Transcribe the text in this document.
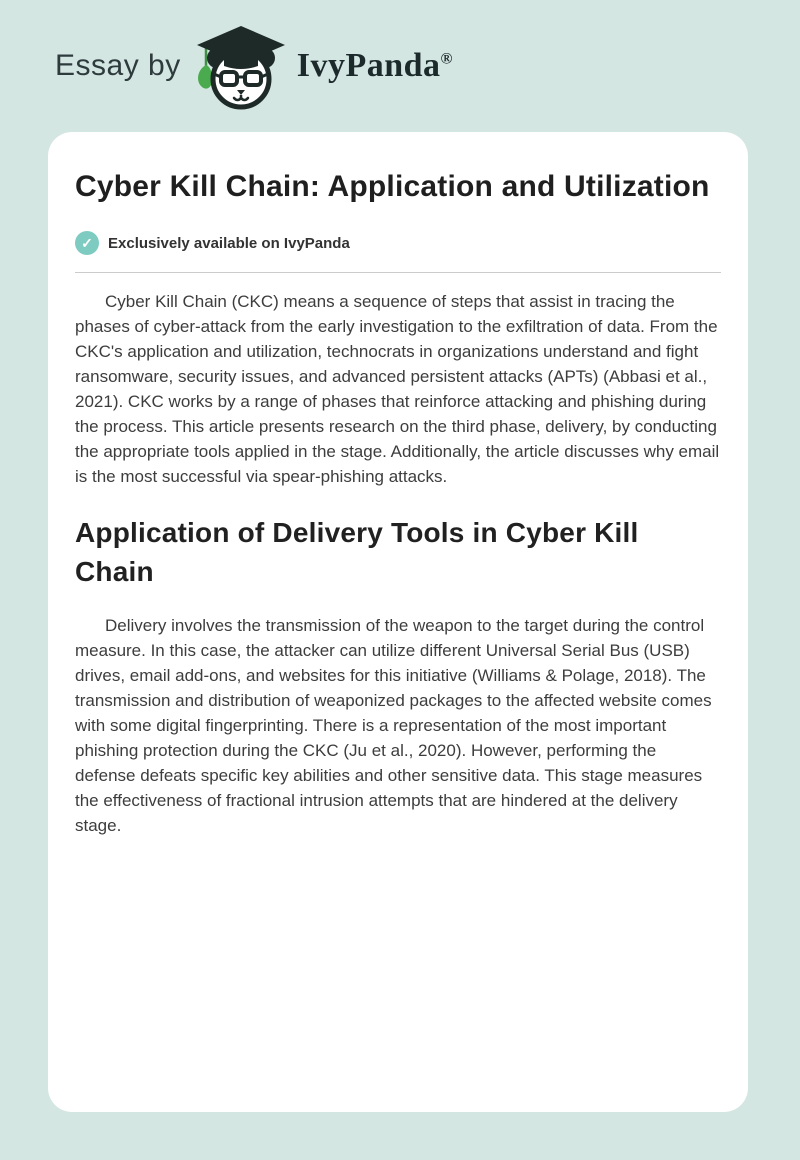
Essay by	IvyPanda®
Cyber Kill Chain: Application and Utilization
✓	Exclusively available on IvyPanda

Cyber Kill Chain (CKC) means a sequence of steps that assist in tracing the phases of cyber-attack from the early investigation to the exfiltration of data. From the CKC's application and utilization, technocrats in organizations understand and fight ransomware, security issues, and advanced persistent attacks (APTs) (Abbasi et al., 2021). CKC works by a range of phases that reinforce attacking and phishing during the process. This article presents research on the third phase, delivery, by conducting the appropriate tools applied in the stage. Additionally, the article discusses why email is the most successful via spear-phishing attacks.

Application of Delivery Tools in Cyber Kill Chain

Delivery involves the transmission of the weapon to the target during the control measure. In this case, the attacker can utilize different Universal Serial Bus (USB) drives, email add-ons, and websites for this initiative (Williams & Polage, 2018). The transmission and distribution of weaponized packages to the affected website comes with some digital fingerprinting. There is a representation of the most important phishing protection during the CKC (Ju et al., 2020). However, performing the defense defeats specific key abilities and other sensitive data. This stage measures the effectiveness of fractional intrusion attempts that are hindered at the delivery stage.
